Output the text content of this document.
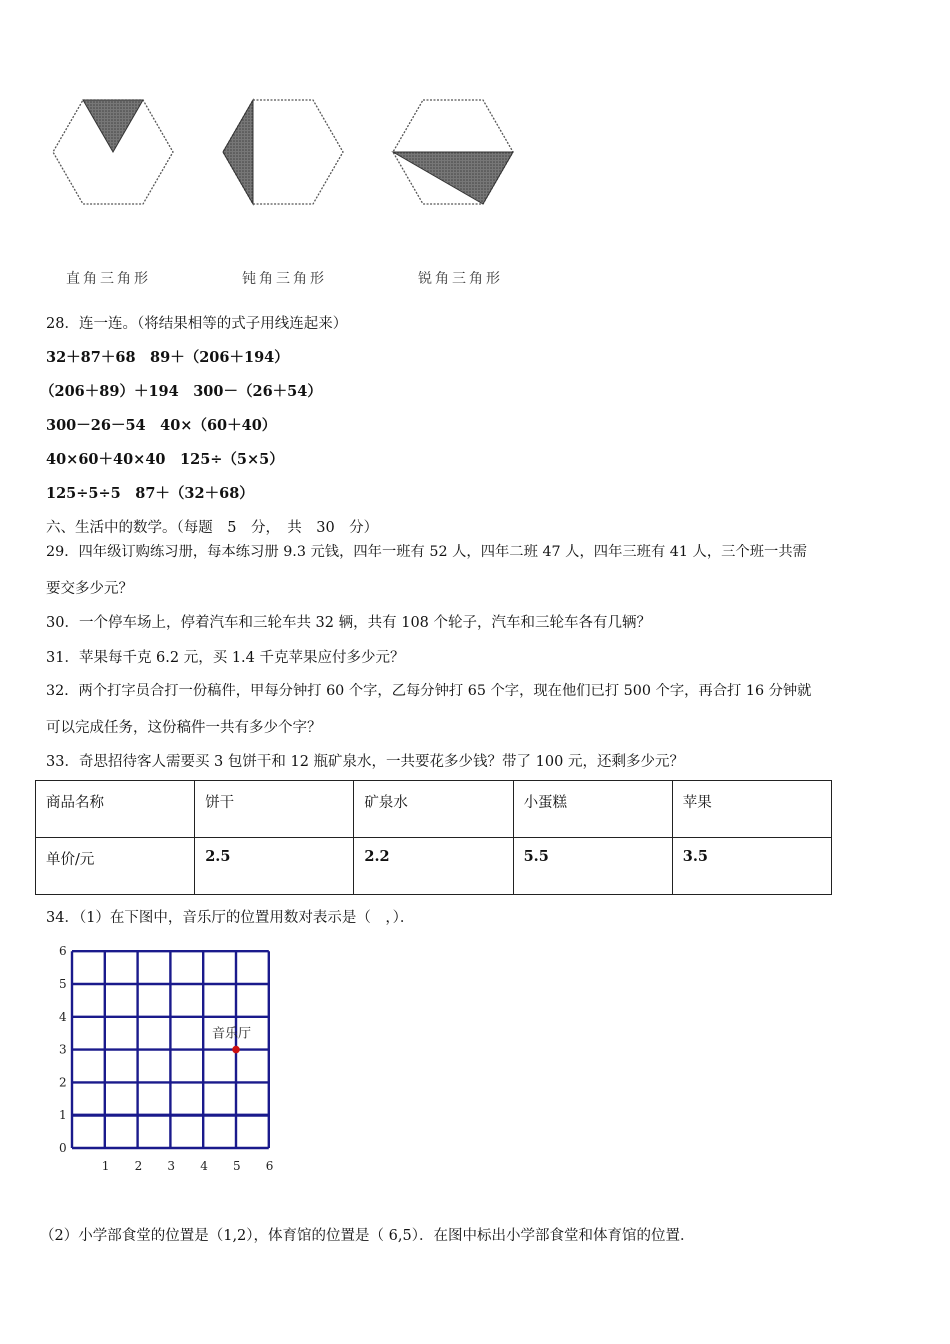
直角三角形	钝角三角形	锐角三角形
28．连一连。（将结果相等的式子用线连起来）
32＋87＋68　89＋（206＋194）
（206＋89）＋194　300－（26＋54）
300－26－54　40×（60＋40）
40×60＋40×40　125÷（5×5）
125÷5÷5　87＋（32＋68）
六、生活中的数学。（每题　5　分，　共　30　分）
29．四年级订购练习册，每本练习册 9.3 元钱，四年一班有 52 人，四年二班 47 人，四年三班有 41 人，三个班一共需
要交多少元？
30．一个停车场上，停着汽车和三轮车共 32 辆，共有 108 个轮子，汽车和三轮车各有几辆？
31．苹果每千克 6.2 元，买 1.4 千克苹果应付多少元？
32．两个打字员合打一份稿件，甲每分钟打 60 个字，乙每分钟打 65 个字，现在他们已打 500 个字，再合打 16 分钟就
可以完成任务，这份稿件一共有多少个字？
33．奇思招待客人需要买 3 包饼干和 12 瓶矿泉水，一共要花多少钱？带了 100 元，还剩多少元？
商品名称	饼干	矿泉水	小蛋糕	苹果
单价/元	2.5	2.2	5.5	3.5
34．（1）在下图中，音乐厅的位置用数对表示是（　，）．
1 2 3 4 5 6
0
1
2
3
4
5
6
音乐厅
（2）小学部食堂的位置是（1,2），体育馆的位置是（ 6,5）．在图中标出小学部食堂和体育馆的位置．
